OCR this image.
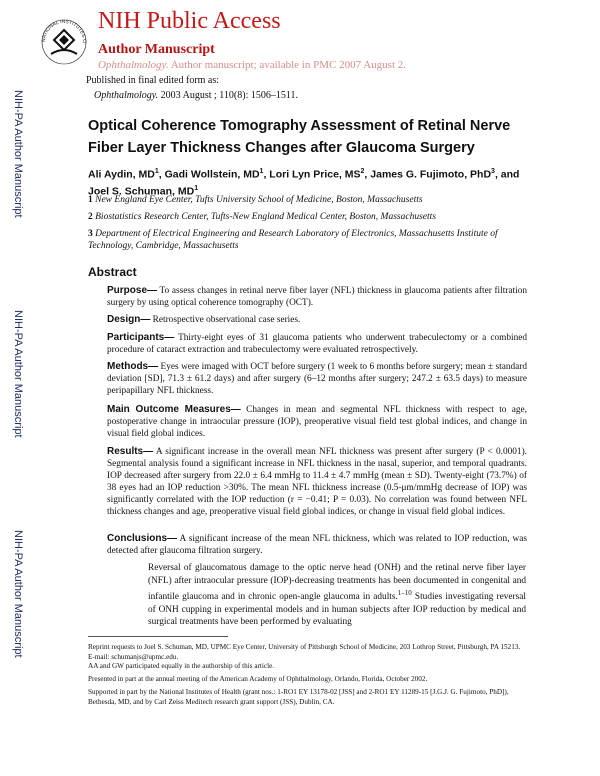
NATIONAL INSTITUTES O
NIH Public Access
Author Manuscript
Ophthalmology. Author manuscript; available in PMC 2007 August 2.
NIH-PA Author Manuscript
NIH-PA Author Manuscript
NIH-PA Author Manuscript
Published in final edited form as:
Ophthalmology. 2003 August ; 110(8): 1506–1511.
Optical Coherence Tomography Assessment of Retinal Nerve Fiber Layer Thickness Changes after Glaucoma Surgery
Ali Aydin, $MD^1$, Gadi Wollstein, $MD^1$, Lori Lyn Price, $MS^2$, James G. Fujimoto, PhD$^3$, and Joel S. Schuman, $MD^1$
1 New England Eye Center, Tufts University School of Medicine, Boston, Massachusetts
2 Biostatistics Research Center, Tufts-New England Medical Center, Boston, Massachusetts
3 Department of Electrical Engineering and Research Laboratory of Electronics, Massachusetts Institute of Technology, Cambridge, Massachusetts
Abstract
Purpose— To assess changes in retinal nerve fiber layer (NFL) thickness in glaucoma patients after filtration surgery by using optical coherence tomography (OCT).
Design— Retrospective observational case series.
Participants— Thirty-eight eyes of 31 glaucoma patients who underwent trabeculectomy or a combined procedure of cataract extraction and trabeculectomy were evaluated retrospectively.
Methods— Eyes were imaged with OCT before surgery (1 week to 6 months before surgery; mean ± standard deviation [SD], 71.3 ± 61.2 days) and after surgery (6–12 months after surgery; 247.2 ± 63.5 days) to measure peripapillary NFL thickness.
Main Outcome Measures— Changes in mean and segmental NFL thickness with respect to age, postoperative change in intraocular pressure (IOP), preoperative visual field test global indices, and change in visual field global indices.
Results— A significant increase in the overall mean NFL thickness was present after surgery (P < 0.0001). Segmental analysis found a significant increase in NFL thickness in the nasal, superior, and temporal quadrants. IOP decreased after surgery from 22.0 ± 6.4 mmHg to 11.4 ± 4.7 mmHg (mean ± SD). Twenty-eight (73.7%) of 38 eyes had an IOP reduction >30%. The mean NFL thickness increase (0.5-μm/mmHg decrease of IOP) was significantly correlated with the IOP reduction (r = −0.41; P = 0.03). No correlation was found between NFL thickness changes and age, preoperative visual field global indices, or change in visual field global indices.
Conclusions— A significant increase of the mean NFL thickness, which was related to IOP reduction, was detected after glaucoma filtration surgery.
Reversal of glaucomatous damage to the optic nerve head (ONH) and the retinal nerve fiber layer (NFL) after intraocular pressure (IOP)-decreasing treatments has been documented in congenital and infantile glaucoma and in chronic open-angle glaucoma in adults.$^{1-10}$ Studies investigating reversal of ONH cupping in experimental models and in human subjects after IOP reduction by medical and surgical treatments have been performed by evaluating
Reprint requests to Joel S. Schuman, MD, UPMC Eye Center, University of Pittsburgh School of Medicine, 203 Lothrop Street, Pittsburgh, PA 15213. E-mail: schumanjs@upmc.edu.
AA and GW participated equally in the authorship of this article.
Presented in part at the annual meeting of the American Academy of Ophthalmology, Orlando, Florida, October 2002.
Supported in part by the National Institutes of Health (grant nos.: 1-RO1 EY 13178-02 [JSS] and 2-RO1 EY 11289-15 [J.G.J. G. Fujimoto, PhD]), Bethesda, MD, and by Carl Zeiss Meditech research grant support (JSS), Dublin, CA.
